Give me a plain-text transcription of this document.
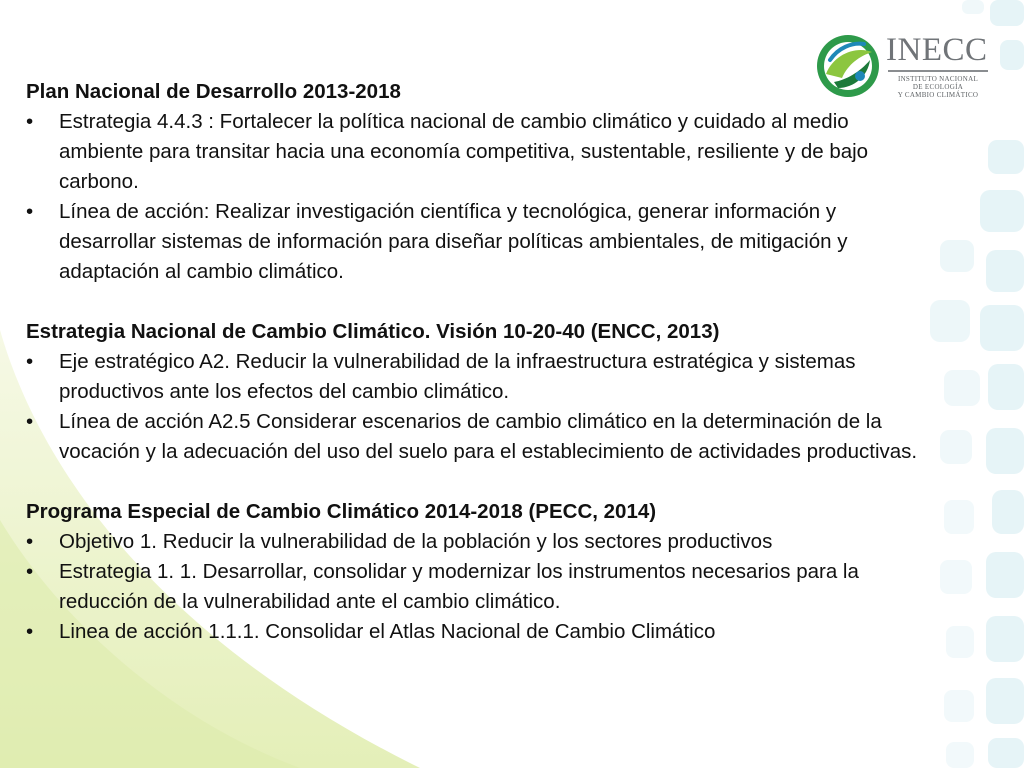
INECC
INSTITUTO NACIONAL
DE ECOLOGÍA
Y CAMBIO CLIMÁTICO

Plan Nacional de Desarrollo 2013-2018

• Estrategia 4.4.3 : Fortalecer la política nacional de cambio climático y cuidado al medio ambiente para transitar hacia una economía competitiva, sustentable, resiliente y de bajo carbono.
• Línea de acción: Realizar investigación científica y tecnológica, generar información y desarrollar sistemas de información para diseñar políticas ambientales, de mitigación y adaptación al cambio climático.

Estrategia Nacional de Cambio Climático. Visión 10-20-40 (ENCC, 2013)

• Eje estratégico A2. Reducir la vulnerabilidad de la infraestructura estratégica y sistemas productivos ante los efectos del cambio climático.
• Línea de acción A2.5 Considerar escenarios de cambio climático en la determinación de la vocación y la adecuación del uso del suelo para el establecimiento de actividades productivas.

Programa Especial de Cambio Climático 2014-2018 (PECC, 2014)

• Objetivo 1. Reducir la vulnerabilidad de la población y los sectores productivos
• Estrategia 1. 1. Desarrollar, consolidar y modernizar los instrumentos necesarios para la reducción de la vulnerabilidad ante el cambio climático.
• Linea de acción 1.1.1. Consolidar el Atlas Nacional de Cambio Climático
